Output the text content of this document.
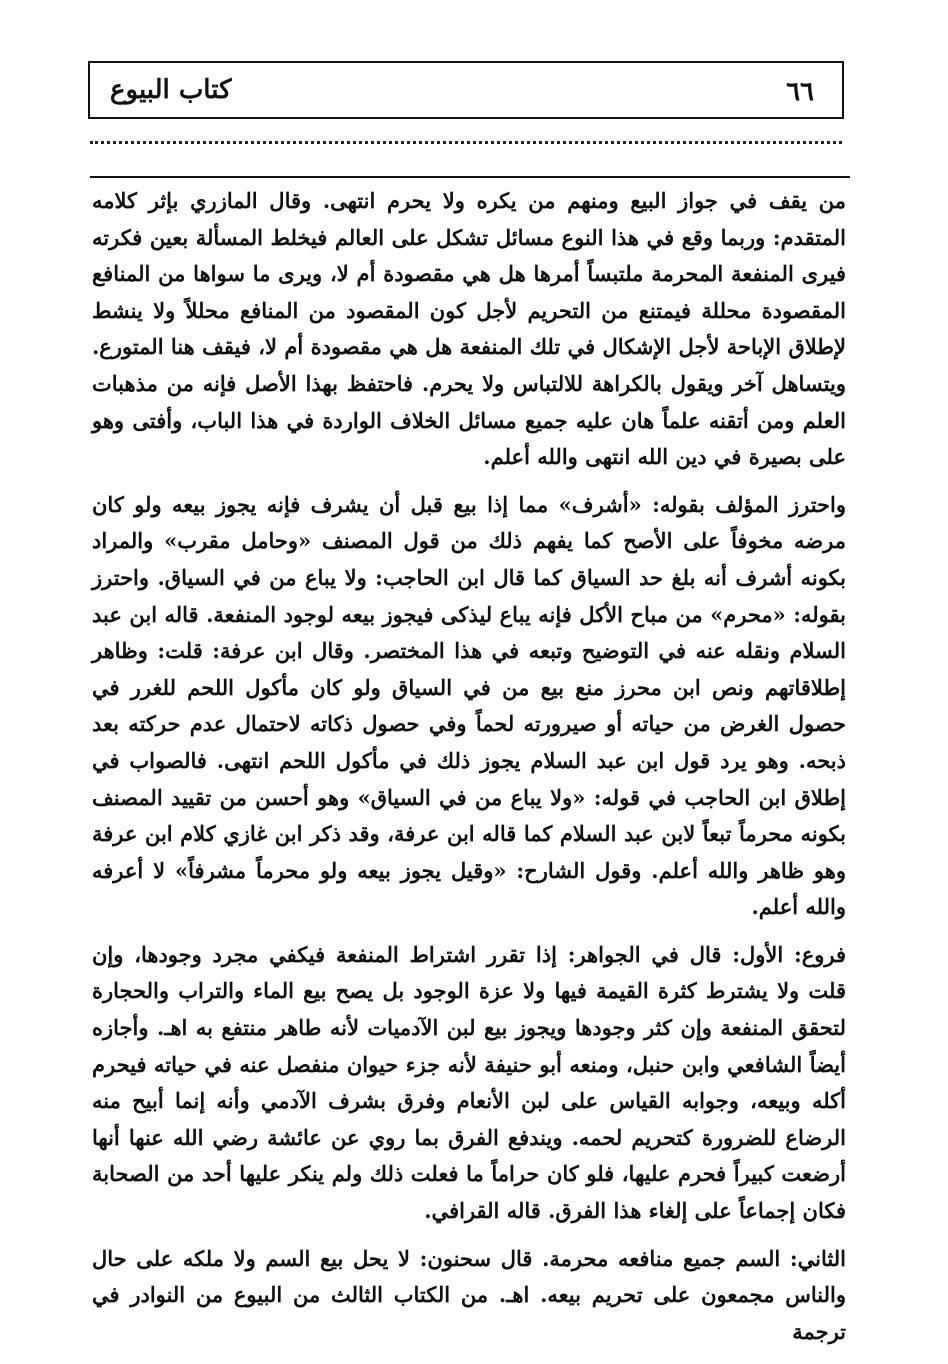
٦٦
كتاب البيوع

من يقف في جواز البيع ومنهم من يكره ولا يحرم انتهى. وقال المازري بإثر كلامه المتقدم: وربما وقع في هذا النوع مسائل تشكل على العالم فيخلط المسألة بعين فكرته فيرى المنفعة المحرمة ملتبساً أمرها هل هي مقصودة أم لا، ويرى ما سواها من المنافع المقصودة محللة فيمتنع من التحريم لأجل كون المقصود من المنافع محللاً ولا ينشط لإطلاق الإباحة لأجل الإشكال في تلك المنفعة هل هي مقصودة أم لا، فيقف هنا المتورع. ويتساهل آخر ويقول بالكراهة للالتباس ولا يحرم. فاحتفظ بهذا الأصل فإنه من مذهبات العلم ومن أتقنه علماً هان عليه جميع مسائل الخلاف الواردة في هذا الباب، وأفتى وهو على بصيرة في دين الله انتهى والله أعلم.

واحترز المؤلف بقوله: «أشرف» مما إذا بيع قبل أن يشرف فإنه يجوز بيعه ولو كان مرضه مخوفاً على الأصح كما يفهم ذلك من قول المصنف «وحامل مقرب» والمراد بكونه أشرف أنه بلغ حد السياق كما قال ابن الحاجب: ولا يباع من في السياق. واحترز بقوله: «محرم» من مباح الأكل فإنه يباع ليذكى فيجوز بيعه لوجود المنفعة. قاله ابن عبد السلام ونقله عنه في التوضيح وتبعه في هذا المختصر. وقال ابن عرفة: قلت: وظاهر إطلاقاتهم ونص ابن محرز منع بيع من في السياق ولو كان مأكول اللحم للغرر في حصول الغرض من حياته أو صيرورته لحماً وفي حصول ذكاته لاحتمال عدم حركته بعد ذبحه. وهو يرد قول ابن عبد السلام يجوز ذلك في مأكول اللحم انتهى. فالصواب في إطلاق ابن الحاجب في قوله: «ولا يباع من في السياق» وهو أحسن من تقييد المصنف بكونه محرماً تبعاً لابن عبد السلام كما قاله ابن عرفة، وقد ذكر ابن غازي كلام ابن عرفة وهو ظاهر والله أعلم. وقول الشارح: «وقيل يجوز بيعه ولو محرماً مشرفاً» لا أعرفه والله أعلم.

فروع: الأول: قال في الجواهر: إذا تقرر اشتراط المنفعة فيكفي مجرد وجودها، وإن قلت ولا يشترط كثرة القيمة فيها ولا عزة الوجود بل يصح بيع الماء والتراب والحجارة لتحقق المنفعة وإن كثر وجودها ويجوز بيع لبن الآدميات لأنه طاهر منتفع به اهـ. وأجازه أيضاً الشافعي وابن حنبل، ومنعه أبو حنيفة لأنه جزء حيوان منفصل عنه في حياته فيحرم أكله وبيعه، وجوابه القياس على لبن الأنعام وفرق بشرف الآدمي وأنه إنما أبيح منه الرضاع للضرورة كتحريم لحمه. ويندفع الفرق بما روي عن عائشة رضي الله عنها أنها أرضعت كبيراً فحرم عليها، فلو كان حراماً ما فعلت ذلك ولم ينكر عليها أحد من الصحابة فكان إجماعاً على إلغاء هذا الفرق. قاله القرافي.

الثاني: السم جميع منافعه محرمة. قال سحنون: لا يحل بيع السم ولا ملكه على حال والناس مجمعون على تحريم بيعه. اهـ. من الكتاب الثالث من البيوع من النوادر في ترجمة
